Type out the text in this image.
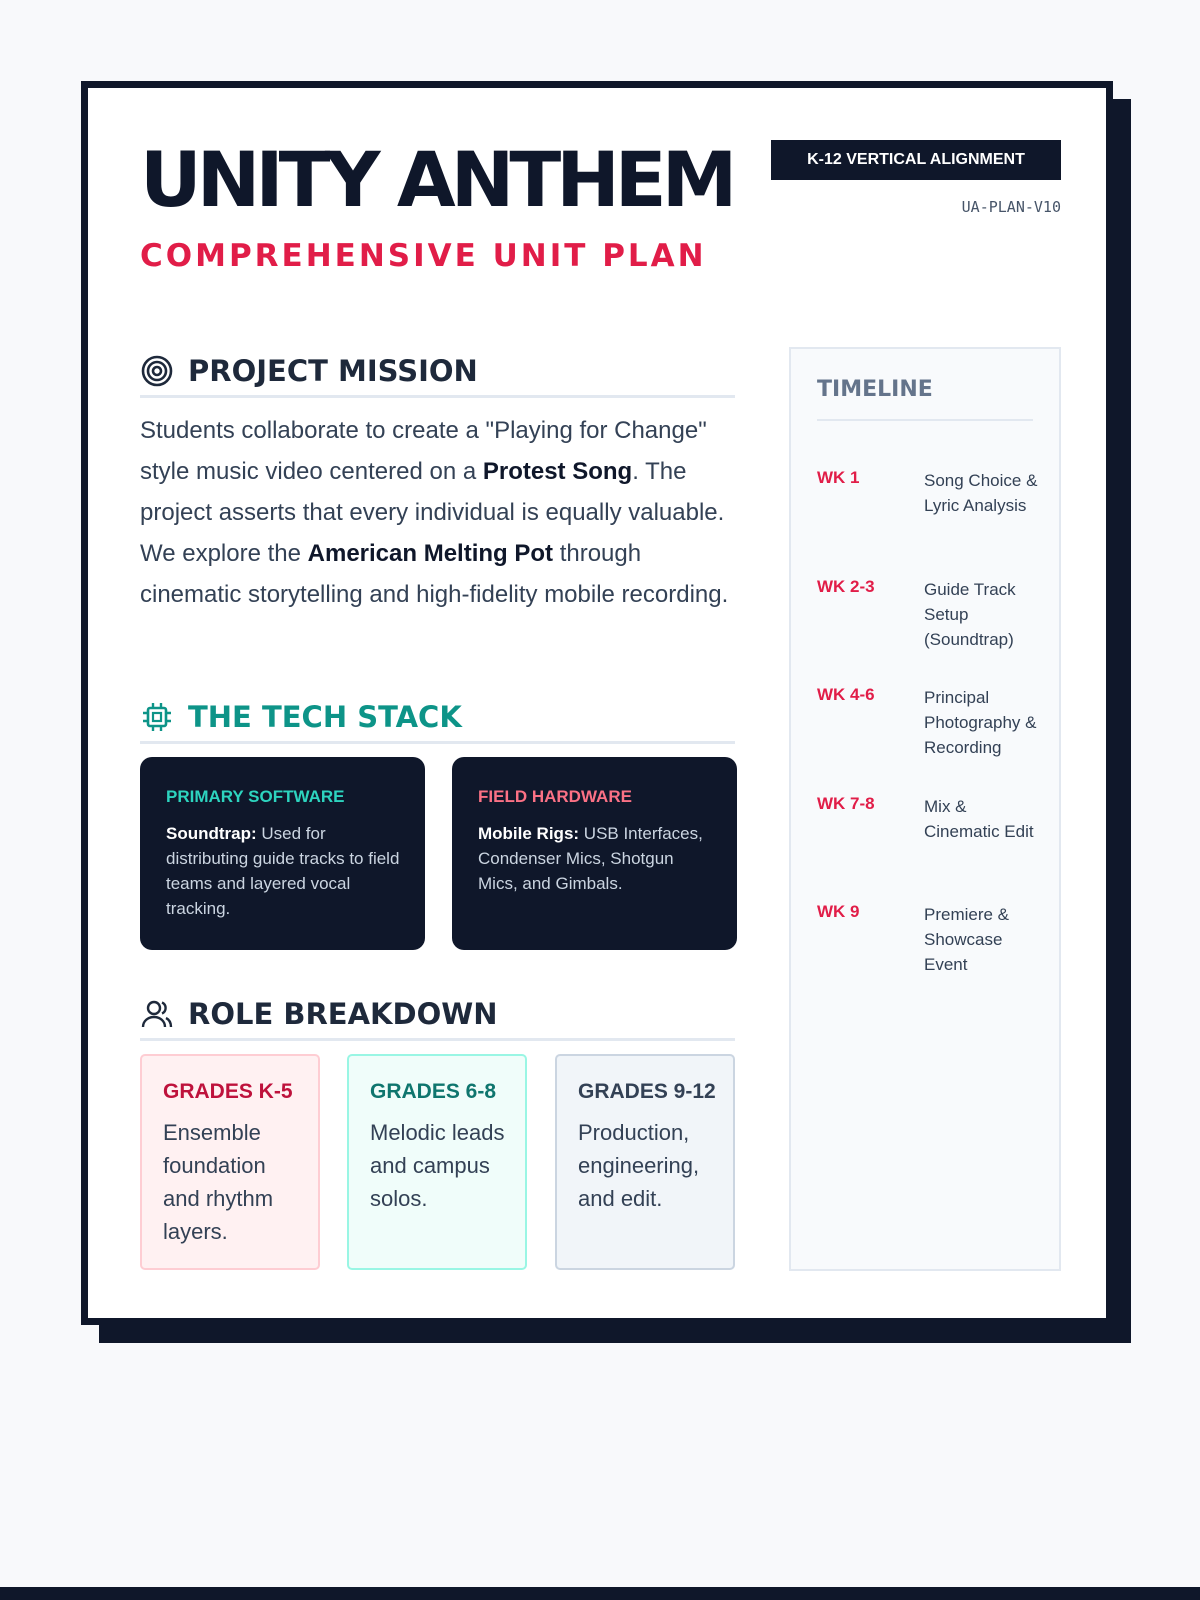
UNITY ANTHEM
COMPREHENSIVE UNIT PLAN
K-12 VERTICAL ALIGNMENT
UA-PLAN-V10
PROJECT MISSION

Students collaborate to create a "Playing for Change" style music video centered on a Protest Song. The project asserts that every individual is equally valuable. We explore the American Melting Pot through cinematic storytelling and high-fidelity mobile recording.

THE TECH STACK
PRIMARY SOFTWARE
Soundtrap: Used for distributing guide tracks to field teams and layered vocal tracking.
FIELD HARDWARE
Mobile Rigs: USB Interfaces, Condenser Mics, Shotgun Mics, and Gimbals.
ROLE BREAKDOWN
GRADES K-5
Ensemble foundation and rhythm layers.
GRADES 6-8
Melodic leads and campus solos.
GRADES 9-12
Production, engineering, and edit.
TIMELINE
WK 1	Song Choice & Lyric Analysis
WK 2-3	Guide Track Setup (Soundtrap)
WK 4-6	Principal Photography & Recording
WK 7-8	Mix & Cinematic Edit
WK 9	Premiere & Showcase Event
